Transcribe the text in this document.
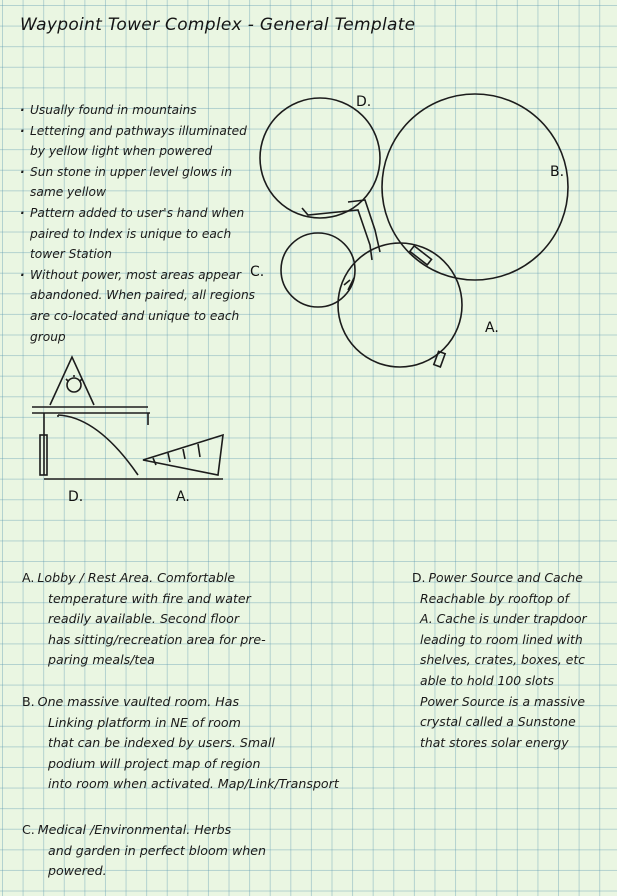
Waypoint Tower Complex - General Template
· Usually found in mountains
· Lettering and pathways illuminated by yellow light when powered
· Sun stone in upper level glows in same yellow
· Pattern added to user's hand when paired to Index is unique to each tower Station
· Without power, most areas appear abandoned. When paired, all regions are co-located and unique to each group
D.
B.
C.
A.
D.	A.
A. Lobby / Rest Area. Comfortable
temperature with fire and water
readily available. Second floor
has sitting/recreation area for pre-
paring meals/tea
B. One massive vaulted room. Has
Linking platform in NE of room
that can be indexed by users. Small
podium will project map of region
into room when activated. Map/Link/Transport
C. Medical /Environmental. Herbs
and garden in perfect bloom when
powered.
D. Power Source and Cache
Reachable by rooftop of
A. Cache is under trapdoor
leading to room lined with
shelves, crates, boxes, etc
able to hold 100 slots
Power Source is a massive
crystal called a Sunstone
that stores solar energy
